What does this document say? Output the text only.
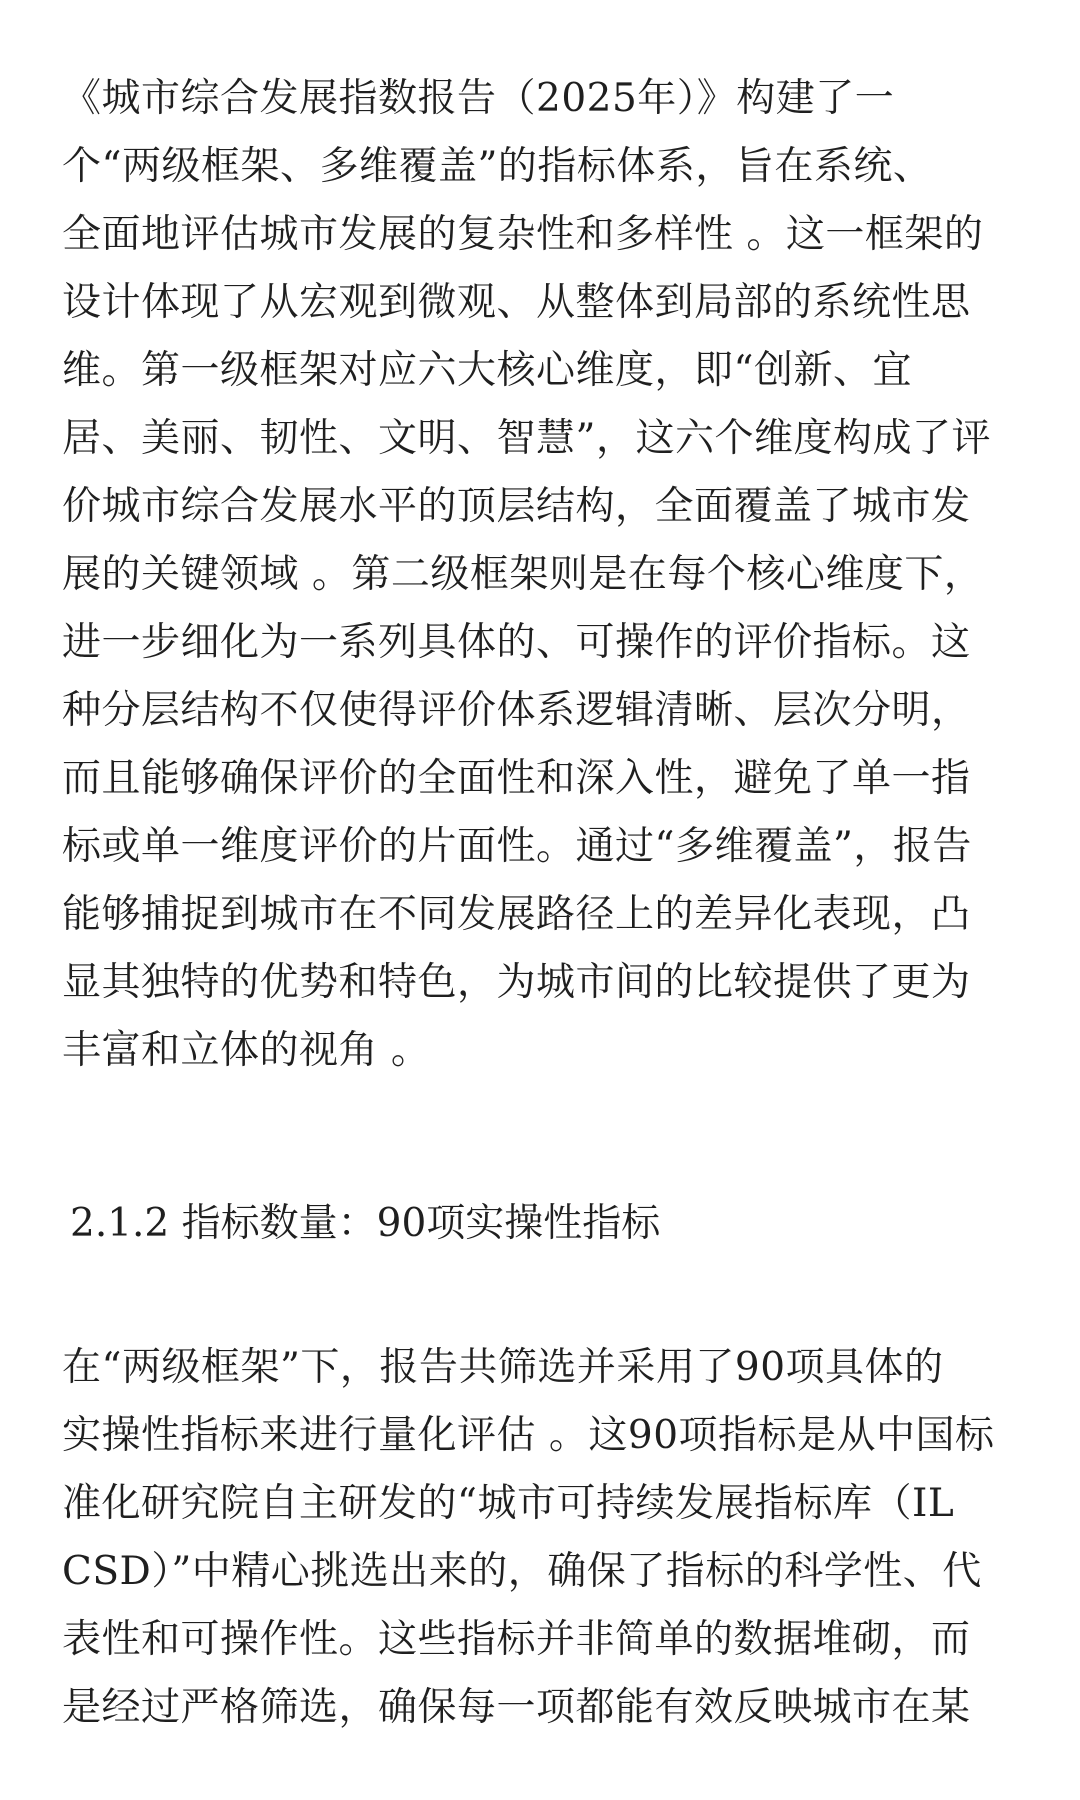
《城市综合发展指数报告（2025年）》构建了一
个“两级框架、多维覆盖”的指标体系，旨在系统、
全面地评估城市发展的复杂性和多样性 。这一框架的
设计体现了从宏观到微观、从整体到局部的系统性思
维。第一级框架对应六大核心维度，即“创新、宜
居、美丽、韧性、文明、智慧”，这六个维度构成了评
价城市综合发展水平的顶层结构，全面覆盖了城市发
展的关键领域 。第二级框架则是在每个核心维度下，
进一步细化为一系列具体的、可操作的评价指标。这
种分层结构不仅使得评价体系逻辑清晰、层次分明，
而且能够确保评价的全面性和深入性，避免了单一指
标或单一维度评价的片面性。通过“多维覆盖”，报告
能够捕捉到城市在不同发展路径上的差异化表现，凸
显其独特的优势和特色，为城市间的比较提供了更为
丰富和立体的视角 。
2.1.2 指标数量：90项实操性指标
在“两级框架”下，报告共筛选并采用了90项具体的
实操性指标来进行量化评估 。这90项指标是从中国标
准化研究院自主研发的“城市可持续发展指标库（IL
CSD）”中精心挑选出来的，确保了指标的科学性、代
表性和可操作性。这些指标并非简单的数据堆砌，而
是经过严格筛选，确保每一项都能有效反映城市在某
